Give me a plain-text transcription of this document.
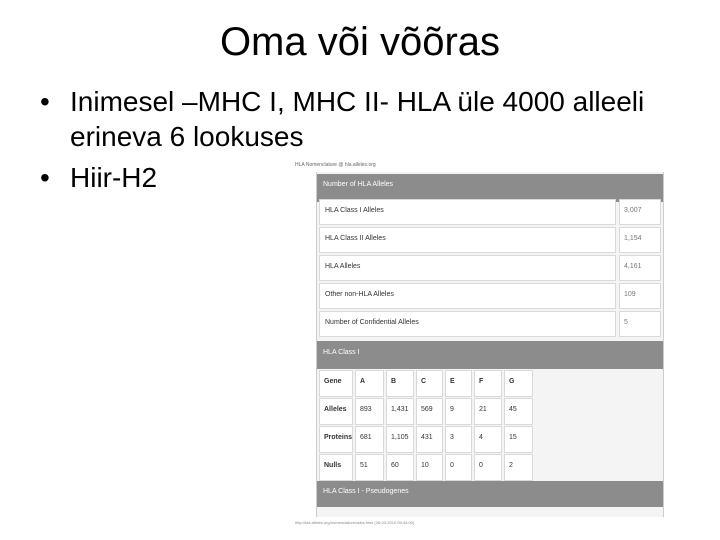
Oma või võõras
• Inimesel –MHC I, MHC II- HLA üle 4000 alleeli erineva 6 lookuses
• Hiir-H2	HLA Nomenclature @ hla.alleles.org
Number of HLA Alleles
HLA Class I Alleles	3,007
HLA Class II Alleles	1,154
HLA Alleles	4,161
Other non-HLA Alleles	109
Number of Confidential Alleles	5
HLA Class I
Gene	A	B	C	E	F	G
Alleles	893	1,431	569	9	21	45
Proteins	681	1,105	431	3	4	15
Nulls	51	60	10	0	0	2
HLA Class I - Pseudogenes
http://hla.alleles.org/nomenclature/stats.html (28-03-2010 09:44:00)
